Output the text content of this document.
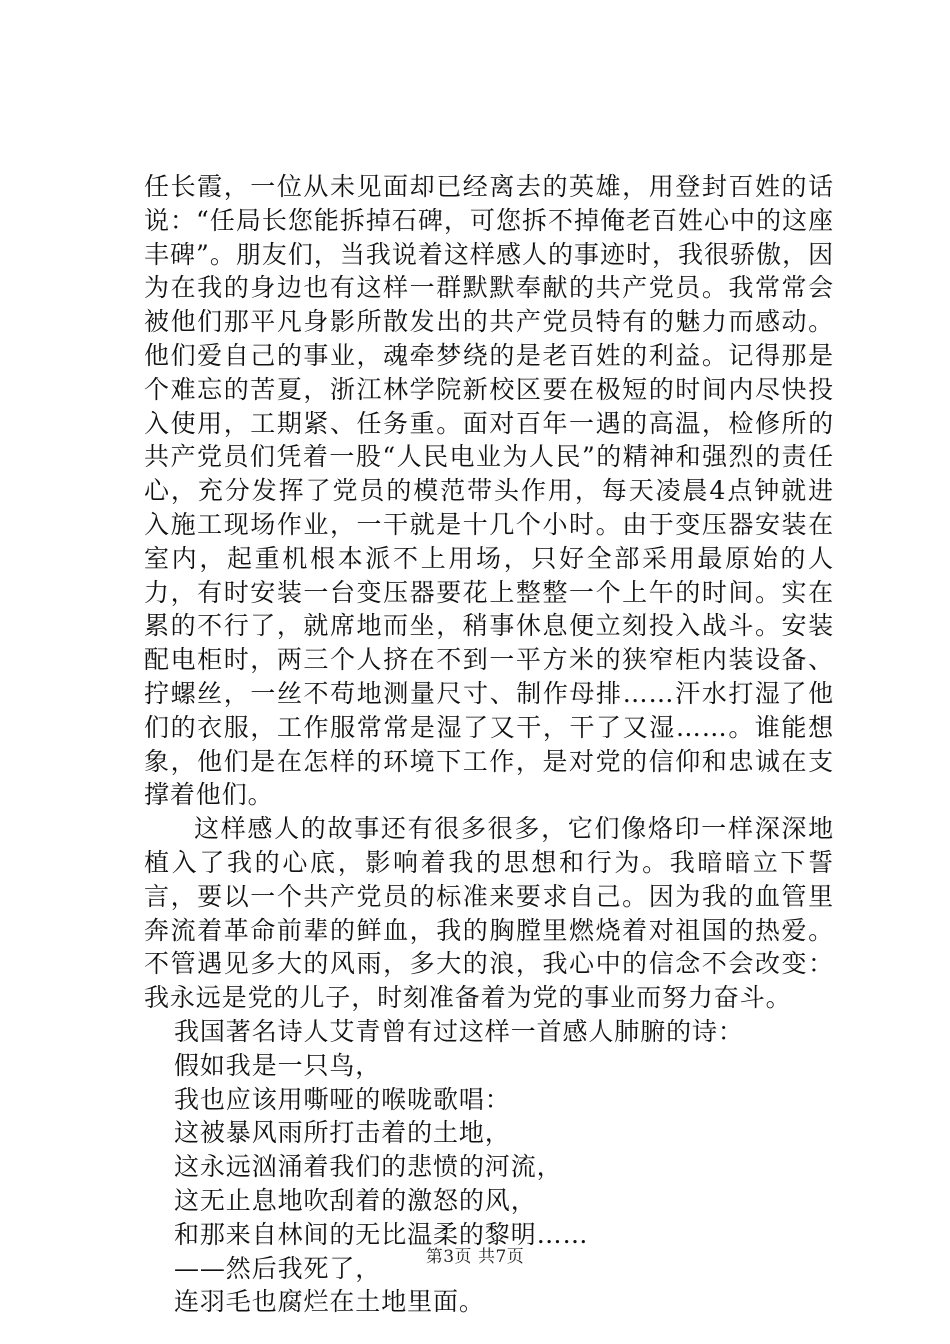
任长霞，一位从未见面却已经离去的英雄，用登封百姓的话说：“任局长您能拆掉石碑，可您拆不掉俺老百姓心中的这座丰碑”。朋友们，当我说着这样感人的事迹时，我很骄傲，因为在我的身边也有这样一群默默奉献的共产党员。我常常会被他们那平凡身影所散发出的共产党员特有的魅力而感动。他们爱自己的事业，魂牵梦绕的是老百姓的利益。记得那是个难忘的苦夏，浙江林学院新校区要在极短的时间内尽快投入使用，工期紧、任务重。面对百年一遇的高温，检修所的共产党员们凭着一股“人民电业为人民”的精神和强烈的责任心，充分发挥了党员的模范带头作用，每天凌晨4点钟就进入施工现场作业，一干就是十几个小时。由于变压器安装在室内，起重机根本派不上用场，只好全部采用最原始的人力，有时安装一台变压器要花上整整一个上午的时间。实在累的不行了，就席地而坐，稍事休息便立刻投入战斗。安装配电柜时，两三个人挤在不到一平方米的狭窄柜内装设备、拧螺丝，一丝不苟地测量尺寸、制作母排……汗水打湿了他们的衣服，工作服常常是湿了又干，干了又湿……。谁能想象，他们是在怎样的环境下工作，是对党的信仰和忠诚在支撑着他们。

这样感人的故事还有很多很多，它们像烙印一样深深地植入了我的心底，影响着我的思想和行为。我暗暗立下誓言，要以一个共产党员的标准来要求自己。因为我的血管里奔流着革命前辈的鲜血，我的胸膛里燃烧着对祖国的热爱。不管遇见多大的风雨，多大的浪，我心中的信念不会改变：我永远是党的儿子，时刻准备着为党的事业而努力奋斗。

我国著名诗人艾青曾有过这样一首感人肺腑的诗：

假如我是一只鸟，
我也应该用嘶哑的喉咙歌唱：
这被暴风雨所打击着的土地，
这永远汹涌着我们的悲愤的河流，
这无止息地吹刮着的激怒的风，
和那来自林间的无比温柔的黎明……
——然后我死了，
连羽毛也腐烂在土地里面。
第3页 共7页
